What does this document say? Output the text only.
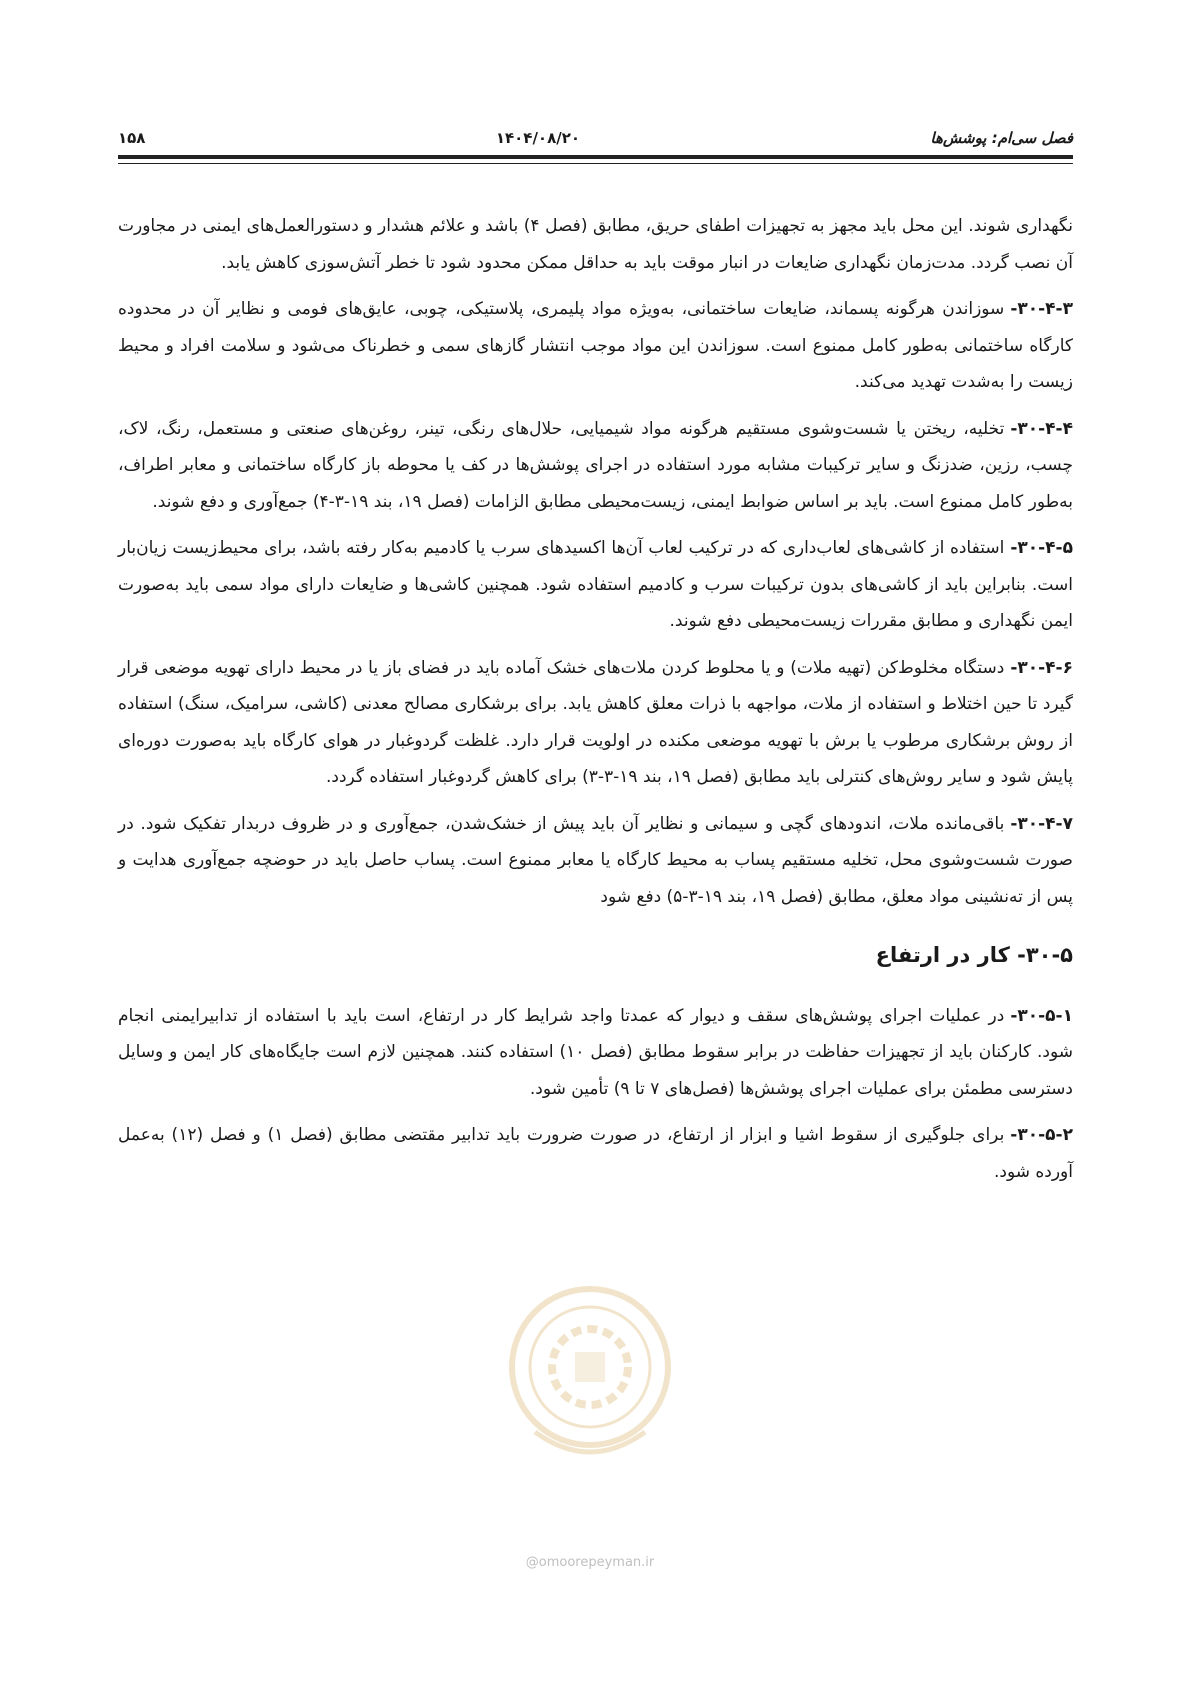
۱۵۸	۱۴۰۴/۰۸/۲۰	فصل سی‌ام: پوشش‌ها

نگهداری شوند. این محل باید مجهز به تجهیزات اطفای حریق، مطابق (فصل ۴) باشد و علائم هشدار و دستورالعمل‌های ایمنی در مجاورت آن نصب گردد. مدت‌زمان نگهداری ضایعات در انبار موقت باید به حداقل ممکن محدود شود تا خطر آتش‌سوزی کاهش یابد.

۳۰-۴-۳-سوزاندن هرگونه پسماند، ضایعات ساختمانی، به‌ویژه مواد پلیمری، پلاستیکی، چوبی، عایق‌های فومی و نظایر آن در محدوده کارگاه ساختمانی به‌طور کامل ممنوع است. سوزاندن این مواد موجب انتشار گازهای سمی و خطرناک می‌شود و سلامت افراد و محیط زیست را به‌شدت تهدید می‌کند.

۳۰-۴-۴-تخلیه، ریختن یا شست‌وشوی مستقیم هرگونه مواد شیمیایی، حلال‌های رنگی، تینر، روغن‌های صنعتی و مستعمل، رنگ، لاک، چسب، رزین، ضدزنگ و سایر ترکیبات مشابه مورد استفاده در اجرای پوشش‌ها در کف یا محوطه باز کارگاه ساختمانی و معابر اطراف، به‌طور کامل ممنوع است. باید بر اساس ضوابط ایمنی، زیست‌محیطی مطابق الزامات (فصل ۱۹، بند ۱۹-۳-۴) جمع‌آوری و دفع شوند.

۳۰-۴-۵-استفاده از کاشی‌های لعاب‌داری که در ترکیب لعاب آن‌ها اکسیدهای سرب یا کادمیم به‌کار رفته باشد، برای محیط‌زیست زیان‌بار است. بنابراین باید از کاشی‌های بدون ترکیبات سرب و کادمیم استفاده شود. همچنین کاشی‌ها و ضایعات دارای مواد سمی باید به‌صورت ایمن نگهداری و مطابق مقررات زیست‌محیطی دفع شوند.

۳۰-۴-۶-دستگاه مخلوط‌کن (تهیه ملات) و یا محلوط کردن ملات‌های خشک آماده باید در فضای باز یا در محیط دارای تهویه موضعی قرار گیرد تا حین اختلاط و استفاده از ملات، مواجهه با ذرات معلق کاهش یابد. برای برشکاری مصالح معدنی (کاشی، سرامیک، سنگ) استفاده از روش برشکاری مرطوب یا برش با تهویه موضعی مکنده در اولویت قرار دارد. غلظت گردوغبار در هوای کارگاه باید به‌صورت دوره‌ای پایش شود و سایر روش‌های کنترلی باید مطابق (فصل ۱۹، بند ۱۹-۳-۳) برای کاهش گردوغبار استفاده گردد.

۳۰-۴-۷-باقی‌مانده ملات، اندودهای گچی و سیمانی و نظایر آن باید پیش از خشک‌شدن، جمع‌آوری و در ظروف دربدار تفکیک شود. در صورت شست‌وشوی محل، تخلیه مستقیم پساب به محیط کارگاه یا معابر ممنوع است. پساب حاصل باید در حوضچه جمع‌آوری هدایت و پس از ته‌نشینی مواد معلق، مطابق (فصل ۱۹، بند ۱۹-۳-۵) دفع شود

۳۰-۵- کار در ارتفاع

۳۰-۵-۱-در عملیات اجرای پوشش‌های سقف و دیوار که عمدتا واجد شرایط کار در ارتفاع، است باید با استفاده از تدابیرایمنی انجام شود. کارکنان باید از تجهیزات حفاظت در برابر سقوط مطابق (فصل ۱۰) استفاده کنند. همچنین لازم است جایگاه‌های کار ایمن و وسایل دسترسی مطمئن برای عملیات اجرای پوشش‌ها (فصل‌های ۷ تا ۹) تأمین شود.

۳۰-۵-۲-برای جلوگیری از سقوط اشیا و ابزار از ارتفاع، در صورت ضرورت باید تدابیر مقتضی مطابق (فصل ۱) و فصل (۱۲) به‌عمل آورده شود.

@omoorepeyman.ir
